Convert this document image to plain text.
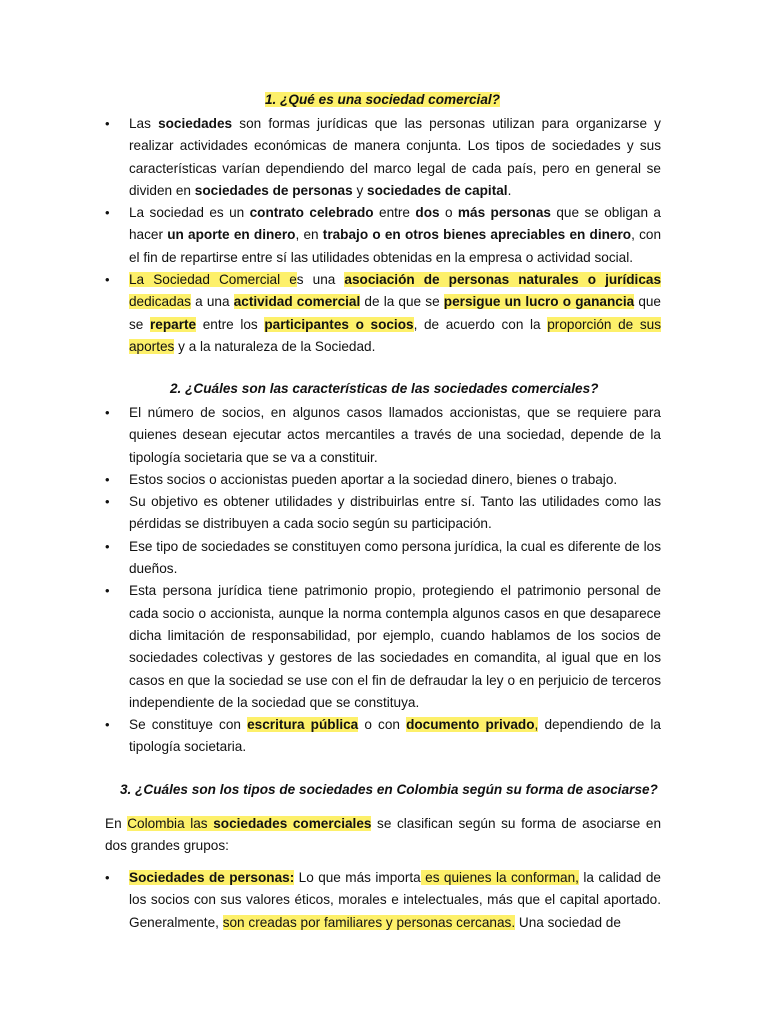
1. ¿Qué es una sociedad comercial?
• Las sociedades son formas jurídicas que las personas utilizan para organizarse y realizar actividades económicas de manera conjunta. Los tipos de sociedades y sus características varían dependiendo del marco legal de cada país, pero en general se dividen en sociedades de personas y sociedades de capital.
• La sociedad es un contrato celebrado entre dos o más personas que se obligan a hacer un aporte en dinero, en trabajo o en otros bienes apreciables en dinero, con el fin de repartirse entre sí las utilidades obtenidas en la empresa o actividad social.
• La Sociedad Comercial es una asociación de personas naturales o jurídicas dedicadas a una actividad comercial de la que se persigue un lucro o ganancia que se reparte entre los participantes o socios, de acuerdo con la proporción de sus aportes y a la naturaleza de la Sociedad.
2. ¿Cuáles son las características de las sociedades comerciales?
• El número de socios, en algunos casos llamados accionistas, que se requiere para quienes desean ejecutar actos mercantiles a través de una sociedad, depende de la tipología societaria que se va a constituir.
• Estos socios o accionistas pueden aportar a la sociedad dinero, bienes o trabajo.
• Su objetivo es obtener utilidades y distribuirlas entre sí. Tanto las utilidades como las pérdidas se distribuyen a cada socio según su participación.
• Ese tipo de sociedades se constituyen como persona jurídica, la cual es diferente de los dueños.
• Esta persona jurídica tiene patrimonio propio, protegiendo el patrimonio personal de cada socio o accionista, aunque la norma contempla algunos casos en que desaparece dicha limitación de responsabilidad, por ejemplo, cuando hablamos de los socios de sociedades colectivas y gestores de las sociedades en comandita, al igual que en los casos en que la sociedad se use con el fin de defraudar la ley o en perjuicio de terceros independiente de la sociedad que se constituya.
• Se constituye con escritura pública o con documento privado, dependiendo de la tipología societaria.
3. ¿Cuáles son los tipos de sociedades en Colombia según su forma de asociarse?

En Colombia las sociedades comerciales se clasifican según su forma de asociarse en dos grandes grupos:

• Sociedades de personas: Lo que más importa es quienes la conforman, la calidad de los socios con sus valores éticos, morales e intelectuales, más que el capital aportado. Generalmente, son creadas por familiares y personas cercanas. Una sociedad de
